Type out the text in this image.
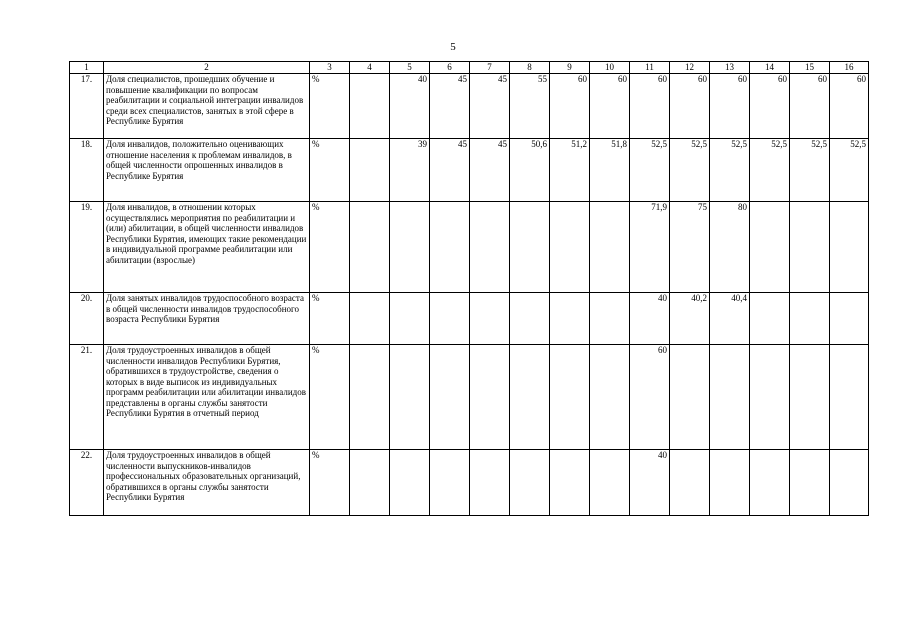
5
1	2	3	4	5	6	7	8	9	10	11	12	13	14	15	16
17.	Доля специалистов, прошедших обучение и повышение квалификации по вопросам реабилитации и социальной интеграции инвалидов среди всех специалистов, занятых в этой сфере в Республике Бурятия	%		40	45	45	55	60	60	60	60	60	60	60	60
18.	Доля инвалидов, положительно оценивающих отношение населения к проблемам инвалидов, в общей численности опрошенных инвалидов в Республике Бурятия	%		39	45	45	50,6	51,2	51,8	52,5	52,5	52,5	52,5	52,5	52,5
19.	Доля инвалидов, в отношении которых осуществлялись мероприятия по реабилитации и (или) абилитации, в общей численности инвалидов Республики Бурятия, имеющих такие рекомендации в индивидуальной программе реабилитации или абилитации (взрослые)	%								71,9	75	80			
20.	Доля занятых инвалидов трудоспособного возраста в общей численности инвалидов трудоспособного возраста Республики Бурятия	%								40	40,2	40,4			
21.	Доля трудоустроенных инвалидов в общей численности инвалидов Республики Бурятия, обратившихся в трудоустройстве, сведения о которых в виде выписок из индивидуальных программ реабилитации или абилитации инвалидов представлены в органы службы занятости Республики Бурятия в отчетный период	%								60					
22.	Доля трудоустроенных инвалидов в общей численности выпускников-инвалидов профессиональных образовательных организаций, обратившихся в органы службы занятости Республики Бурятия	%								40					
